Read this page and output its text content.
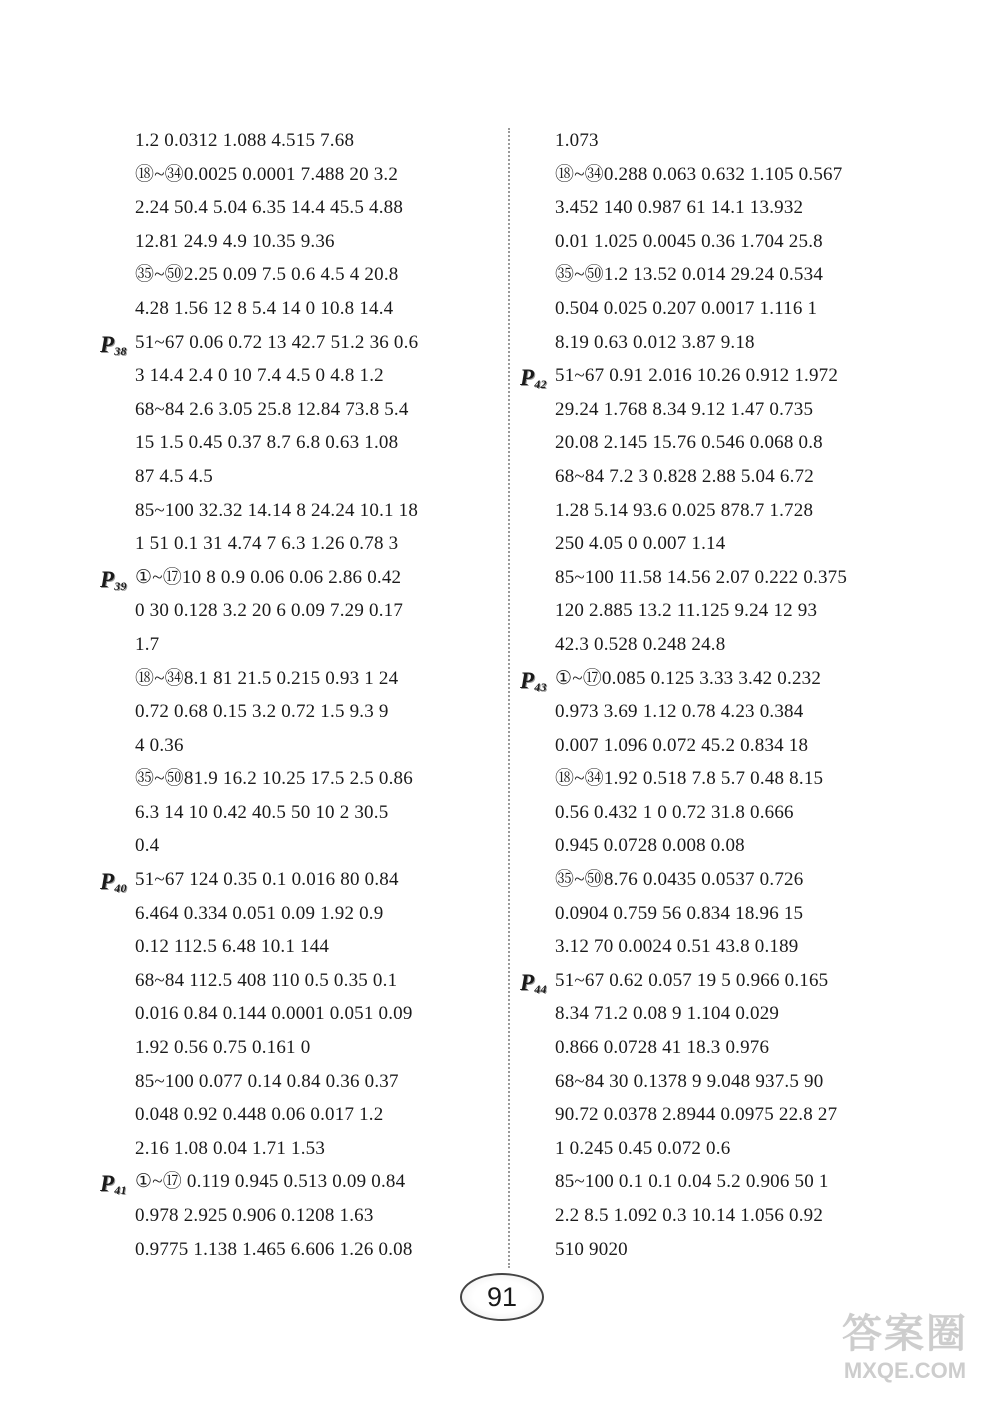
1.2 0.0312 1.088 4.515 7.68
⑱~㉞0.0025 0.0001 7.488 20 3.2
2.24 50.4 5.04 6.35 14.4 45.5 4.88
12.81 24.9 4.9 10.35 9.36
㉟~㊿2.25 0.09 7.5 0.6 4.5 4 20.8
4.28 1.56 12 8 5.4 14 0 10.8 14.4
$P_{38}$ 51~67 0.06 0.72 13 42.7 51.2 36 0.6
3 14.4 2.4 0 10 7.4 4.5 0 4.8 1.2
68~84 2.6 3.05 25.8 12.84 73.8 5.4
15 1.5 0.45 0.37 8.7 6.8 0.63 1.08
87 4.5 4.5
85~100 32.32 14.14 8 24.24 10.1 18
1 51 0.1 31 4.74 7 6.3 1.26 0.78 3
$P_{39}$ ①~⑰10 8 0.9 0.06 0.06 2.86 0.42
0 30 0.128 3.2 20 6 0.09 7.29 0.17
1.7
⑱~㉞8.1 81 21.5 0.215 0.93 1 24
0.72 0.68 0.15 3.2 0.72 1.5 9.3 9
4 0.36
㉟~㊿81.9 16.2 10.25 17.5 2.5 0.86
6.3 14 10 0.42 40.5 50 10 2 30.5
0.4
$P_{40}$ 51~67 124 0.35 0.1 0.016 80 0.84
6.464 0.334 0.051 0.09 1.92 0.9
0.12 112.5 6.48 10.1 144
68~84 112.5 408 110 0.5 0.35 0.1
0.016 0.84 0.144 0.0001 0.051 0.09
1.92 0.56 0.75 0.161 0
85~100 0.077 0.14 0.84 0.36 0.37
0.048 0.92 0.448 0.06 0.017 1.2
2.16 1.08 0.04 1.71 1.53
$P_{41}$ ①~⑰ 0.119 0.945 0.513 0.09 0.84
0.978 2.925 0.906 0.1208 1.63
0.9775 1.138 1.465 6.606 1.26 0.08
1.073
⑱~㉞0.288 0.063 0.632 1.105 0.567
3.452 140 0.987 61 14.1 13.932
0.01 1.025 0.0045 0.36 1.704 25.8
㉟~㊿1.2 13.52 0.014 29.24 0.534
0.504 0.025 0.207 0.0017 1.116 1
8.19 0.63 0.012 3.87 9.18
$P_{42}$ 51~67 0.91 2.016 10.26 0.912 1.972
29.24 1.768 8.34 9.12 1.47 0.735
20.08 2.145 15.76 0.546 0.068 0.8
68~84 7.2 3 0.828 2.88 5.04 6.72
1.28 5.14 93.6 0.025 878.7 1.728
250 4.05 0 0.007 1.14
85~100 11.58 14.56 2.07 0.222 0.375
120 2.885 13.2 11.125 9.24 12 93
42.3 0.528 0.248 24.8
$P_{43}$ ①~⑰0.085 0.125 3.33 3.42 0.232
0.973 3.69 1.12 0.78 4.23 0.384
0.007 1.096 0.072 45.2 0.834 18
⑱~㉞1.92 0.518 7.8 5.7 0.48 8.15
0.56 0.432 1 0 0.72 31.8 0.666
0.945 0.0728 0.008 0.08
㉟~㊿8.76 0.0435 0.0537 0.726
0.0904 0.759 56 0.834 18.96 15
3.12 70 0.0024 0.51 43.8 0.189
$P_{44}$ 51~67 0.62 0.057 19 5 0.966 0.165
8.34 71.2 0.08 9 1.104 0.029
0.866 0.0728 41 18.3 0.976
68~84 30 0.1378 9 9.048 937.5 90
90.72 0.0378 2.8944 0.0975 22.8 27
1 0.245 0.45 0.072 0.6
85~100 0.1 0.1 0.04 5.2 0.906 50 1
2.2 8.5 1.092 0.3 10.14 1.056 0.92
510 9020
91
答案圈
MXQE.COM
